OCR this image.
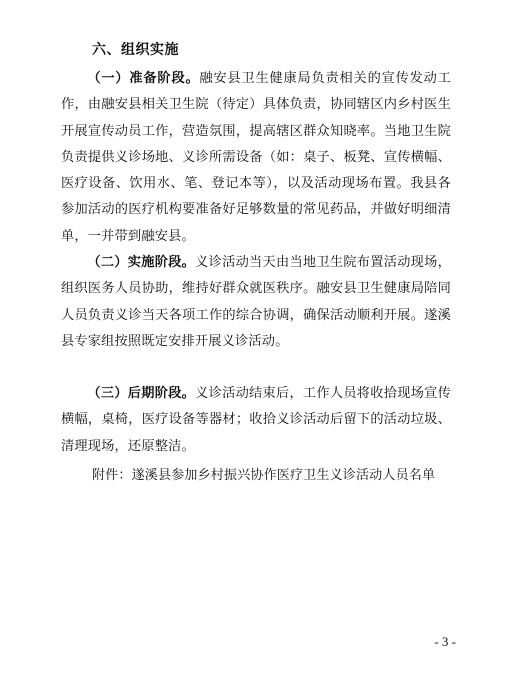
六、组织实施
（一）准备阶段。融安县卫生健康局负责相关的宣传发动工作，由融安县相关卫生院（待定）具体负责，协同辖区内乡村医生开展宣传动员工作，营造氛围，提高辖区群众知晓率。当地卫生院负责提供义诊场地、义诊所需设备（如：桌子、板凳、宣传横幅、医疗设备、饮用水、笔、登记本等），以及活动现场布置。我县各参加活动的医疗机构要准备好足够数量的常见药品，并做好明细清单，一并带到融安县。
（二）实施阶段。义诊活动当天由当地卫生院布置活动现场，组织医务人员协助，维持好群众就医秩序。融安县卫生健康局陪同人员负责义诊当天各项工作的综合协调，确保活动顺利开展。遂溪县专家组按照既定安排开展义诊活动。
（三）后期阶段。义诊活动结束后，工作人员将收拾现场宣传横幅，桌椅，医疗设备等器材；收拾义诊活动后留下的活动垃圾、清理现场，还原整洁。
附件：遂溪县参加乡村振兴协作医疗卫生义诊活动人员名单
- 3 -
